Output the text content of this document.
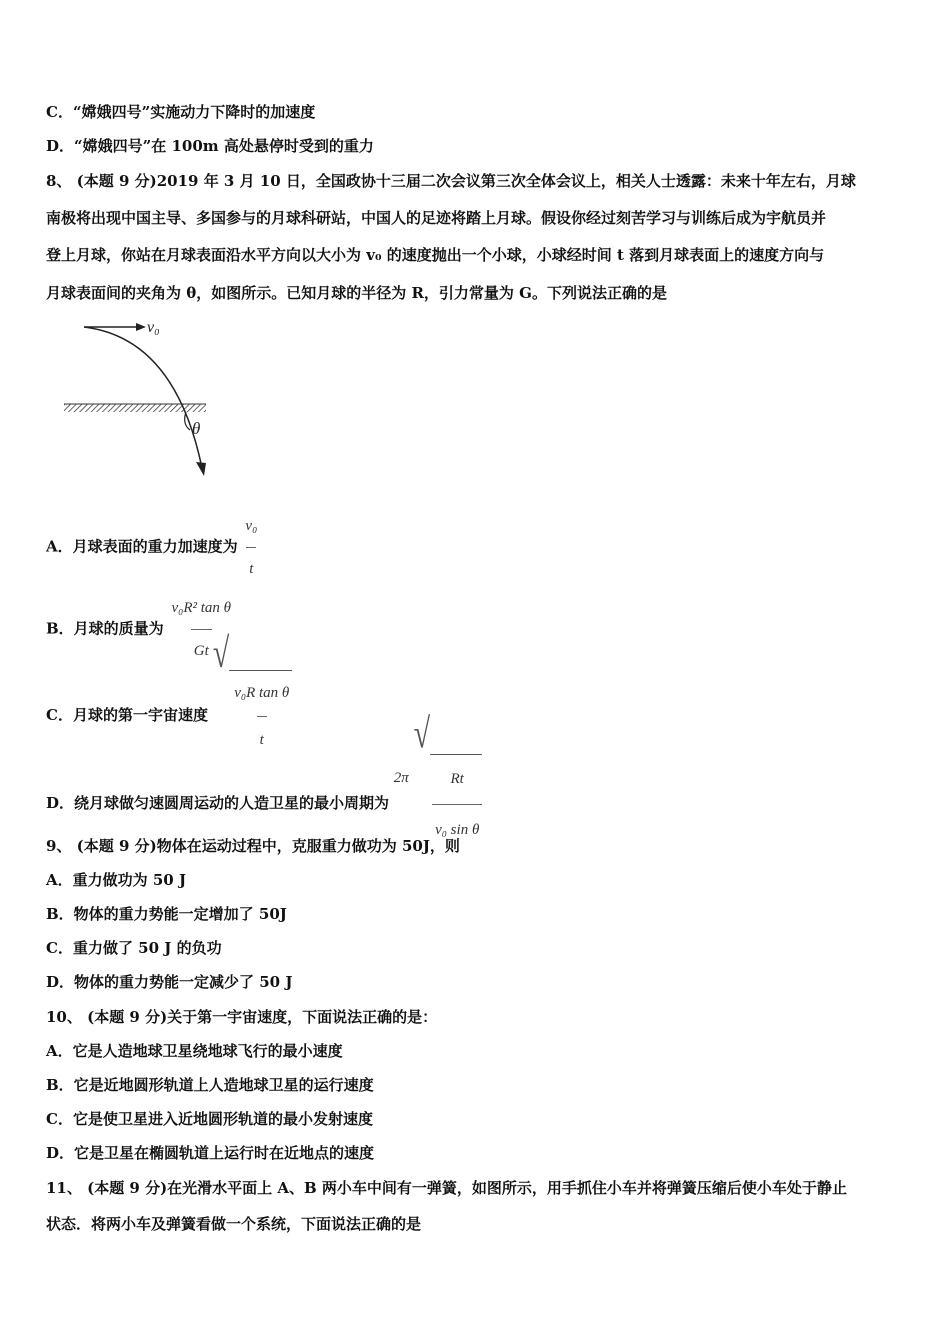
C．“嫦娥四号”实施动力下降时的加速度
D．“嫦娥四号”在 100m 高处悬停时受到的重力
8、 (本题 9 分)2019 年 3 月 10 日，全国政协十三届二次会议第三次全体会议上，相关人士透露：未来十年左右，月球
南极将出现中国主导、多国参与的月球科研站，中国人的足迹将踏上月球。假设你经过刻苦学习与训练后成为宇航员并
登上月球，你站在月球表面沿水平方向以大小为 v₀ 的速度抛出一个小球，小球经时间 t 落到月球表面上的速度方向与
月球表面间的夹角为 θ，如图所示。已知月球的半径为 R，引力常量为 G。下列说法正确的是
v₀
θ
A．月球表面的重力加速度为 $\frac{\text{v₀}}{t}$
B．月球的质量为 $\frac{\text{v₀R² tan θ}}{Gt}$
C．月球的第一宇宙速度
√
$\frac{\text{v₀R tan θ}}{t}$
D．绕月球做匀速圆周运动的人造卫星的最小周期为 2π
√
$\frac{Rt}{\text{v₀ sin θ}}$
9、 (本题 9 分)物体在运动过程中，克服重力做功为 50J，则
A．重力做功为 50 J
B．物体的重力势能一定增加了 50J
C．重力做了 50 J 的负功
D．物体的重力势能一定减少了 50 J
10、 (本题 9 分)关于第一宇宙速度，下面说法正确的是：
A．它是人造地球卫星绕地球飞行的最小速度
B．它是近地圆形轨道上人造地球卫星的运行速度
C．它是使卫星进入近地圆形轨道的最小发射速度
D．它是卫星在椭圆轨道上运行时在近地点的速度
11、 (本题 9 分)在光滑水平面上 A、B 两小车中间有一弹簧，如图所示，用手抓住小车并将弹簧压缩后使小车处于静止
状态．将两小车及弹簧看做一个系统，下面说法正确的是
